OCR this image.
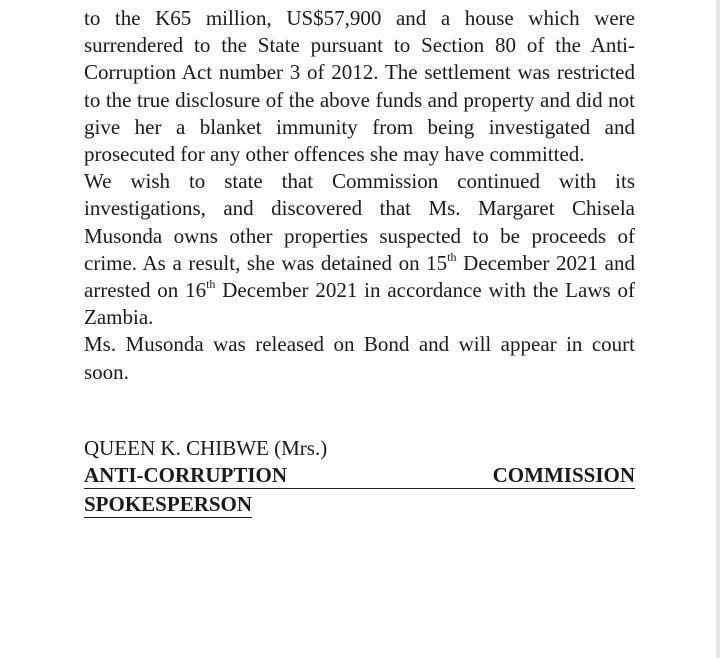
to the K65 million, US$57,900 and a house which were surrendered to the State pursuant to Section 80 of the Anti-Corruption Act number 3 of 2012. The settlement was restricted to the true disclosure of the above funds and property and did not give her a blanket immunity from being investigated and prosecuted for any other offences she may have committed.

We wish to state that Commission continued with its investigations, and discovered that Ms. Margaret Chisela Musonda owns other properties suspected to be proceeds of crime. As a result, she was detained on 15th December 2021 and arrested on 16th December 2021 in accordance with the Laws of Zambia.

Ms. Musonda was released on Bond and will appear in court soon.

QUEEN K. CHIBWE (Mrs.)
ANTI-CORRUPTION	COMMISSION
SPOKESPERSON
